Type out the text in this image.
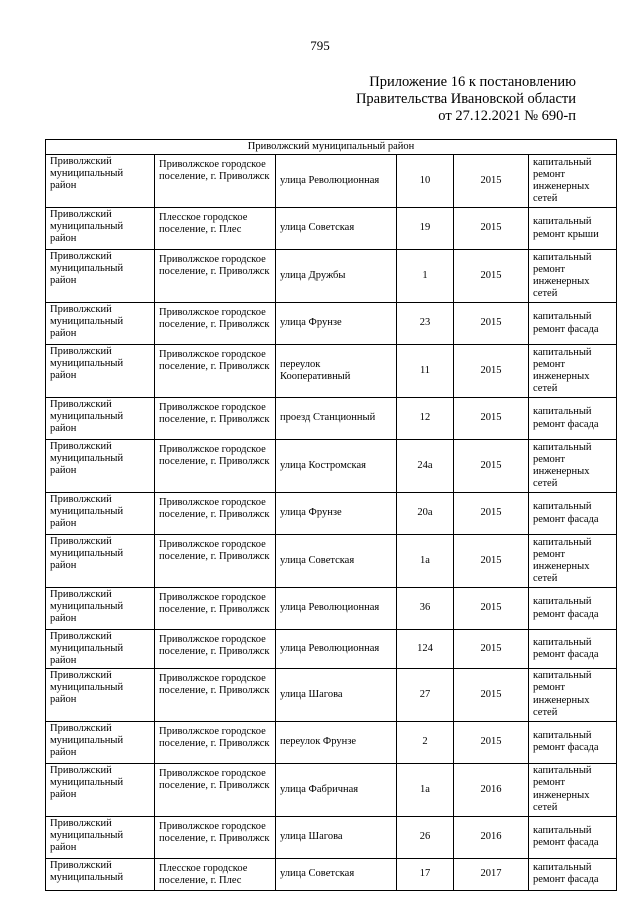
795
Приложение 16 к постановлению
Правительства Ивановской области
от 27.12.2021 № 690-п
Приволжский муниципальный район					
Приволжский муниципальный район	Приволжское городское поселение, г. Приволжск	улица Революционная	10	2015	капитальный ремонт инженерных сетей
Приволжский муниципальный район	Плесское городское поселение, г. Плес	улица Советская	19	2015	капитальный ремонт крыши
Приволжский муниципальный район	Приволжское городское поселение, г. Приволжск	улица Дружбы	1	2015	капитальный ремонт инженерных сетей
Приволжский муниципальный район	Приволжское городское поселение, г. Приволжск	улица Фрунзе	23	2015	капитальный ремонт фасада
Приволжский муниципальный район	Приволжское городское поселение, г. Приволжск	переулок Кооперативный	11	2015	капитальный ремонт инженерных сетей
Приволжский муниципальный район	Приволжское городское поселение, г. Приволжск	проезд Станционный	12	2015	капитальный ремонт фасада
Приволжский муниципальный район	Приволжское городское поселение, г. Приволжск	улица Костромская	24а	2015	капитальный ремонт инженерных сетей
Приволжский муниципальный район	Приволжское городское поселение, г. Приволжск	улица Фрунзе	20а	2015	капитальный ремонт фасада
Приволжский муниципальный район	Приволжское городское поселение, г. Приволжск	улица Советская	1а	2015	капитальный ремонт инженерных сетей
Приволжский муниципальный район	Приволжское городское поселение, г. Приволжск	улица Революционная	36	2015	капитальный ремонт фасада
Приволжский муниципальный район	Приволжское городское поселение, г. Приволжск	улица Революционная	124	2015	капитальный ремонт фасада
Приволжский муниципальный район	Приволжское городское поселение, г. Приволжск	улица Шагова	27	2015	капитальный ремонт инженерных сетей
Приволжский муниципальный район	Приволжское городское поселение, г. Приволжск	переулок Фрунзе	2	2015	капитальный ремонт фасада
Приволжский муниципальный район	Приволжское городское поселение, г. Приволжск	улица Фабричная	1а	2016	капитальный ремонт инженерных сетей
Приволжский муниципальный район	Приволжское городское поселение, г. Приволжск	улица Шагова	26	2016	капитальный ремонт фасада
Приволжский муниципальный	Плесское городское поселение, г. Плес	улица Советская	17	2017	капитальный ремонт фасада
